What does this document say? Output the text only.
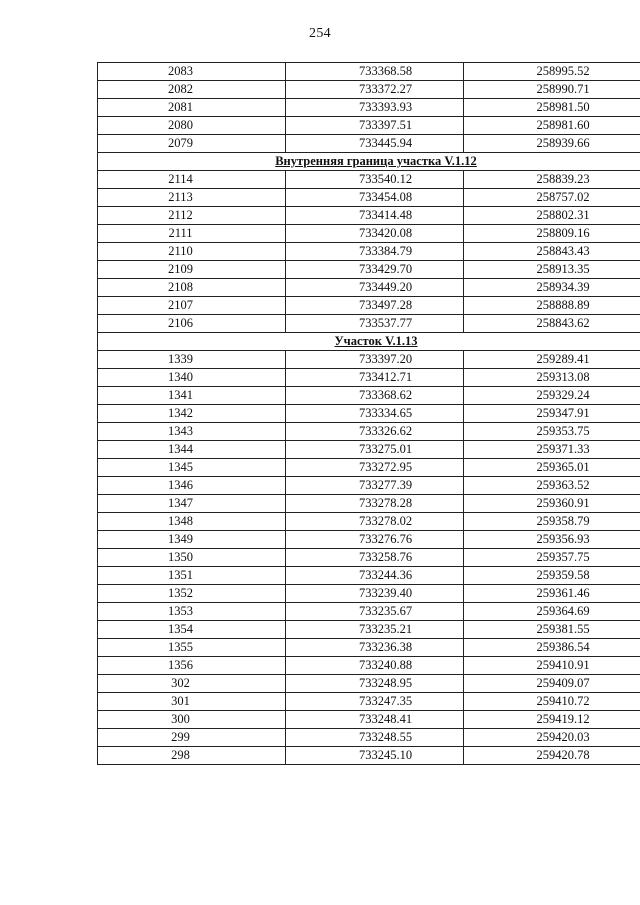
254
2083	733368.58	258995.52
2082	733372.27	258990.71
2081	733393.93	258981.50
2080	733397.51	258981.60
2079	733445.94	258939.66
Внутренняя граница участка V.1.12		
2114	733540.12	258839.23
2113	733454.08	258757.02
2112	733414.48	258802.31
2111	733420.08	258809.16
2110	733384.79	258843.43
2109	733429.70	258913.35
2108	733449.20	258934.39
2107	733497.28	258888.89
2106	733537.77	258843.62
Участок V.1.13		
1339	733397.20	259289.41
1340	733412.71	259313.08
1341	733368.62	259329.24
1342	733334.65	259347.91
1343	733326.62	259353.75
1344	733275.01	259371.33
1345	733272.95	259365.01
1346	733277.39	259363.52
1347	733278.28	259360.91
1348	733278.02	259358.79
1349	733276.76	259356.93
1350	733258.76	259357.75
1351	733244.36	259359.58
1352	733239.40	259361.46
1353	733235.67	259364.69
1354	733235.21	259381.55
1355	733236.38	259386.54
1356	733240.88	259410.91
302	733248.95	259409.07
301	733247.35	259410.72
300	733248.41	259419.12
299	733248.55	259420.03
298	733245.10	259420.78
